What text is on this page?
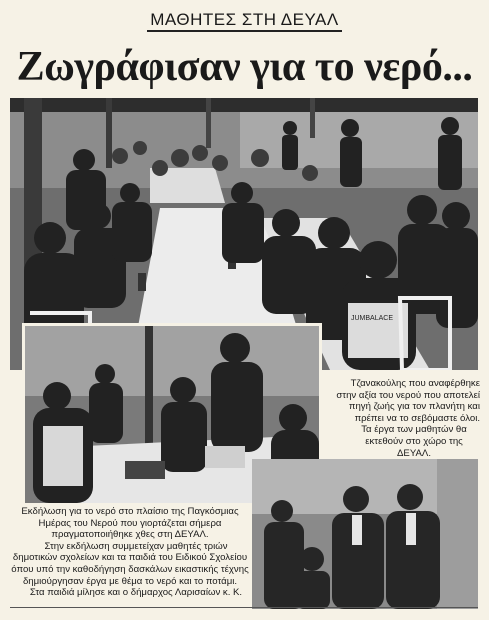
ΜΑΘΗΤΕΣ ΣΤΗ ΔΕΥΑΛ
Ζωγράφισαν για το νερό...
JUMBALACE

Τζανακούλης που αναφέρθηκε στην αξία του νερού που αποτελεί πηγή ζωής για τον πλανήτη και πρέπει να το σεβόμαστε όλοι.

Τα έργα των μαθητών θα εκτεθούν στο χώρο της ΔΕΥΑΛ.

Εκδήλωση για το νερό στο πλαίσιο της Παγκόσμιας Ημέρας του Νερού που γιορτάζεται σήμερα πραγματοποιήθηκε χθες στη ΔΕΥΑΛ.

Στην εκδήλωση συμμετείχαν μαθητές τριών δημοτικών σχολείων και τα παιδιά του Ειδικού Σχολείου όπου υπό την καθοδήγηση δασκάλων εικαστικής τέχνης δημιούργησαν έργα με θέμα το νερό και το ποτάμι.

Στα παιδιά μίλησε και ο δήμαρχος Λαρισαίων κ. Κ.
